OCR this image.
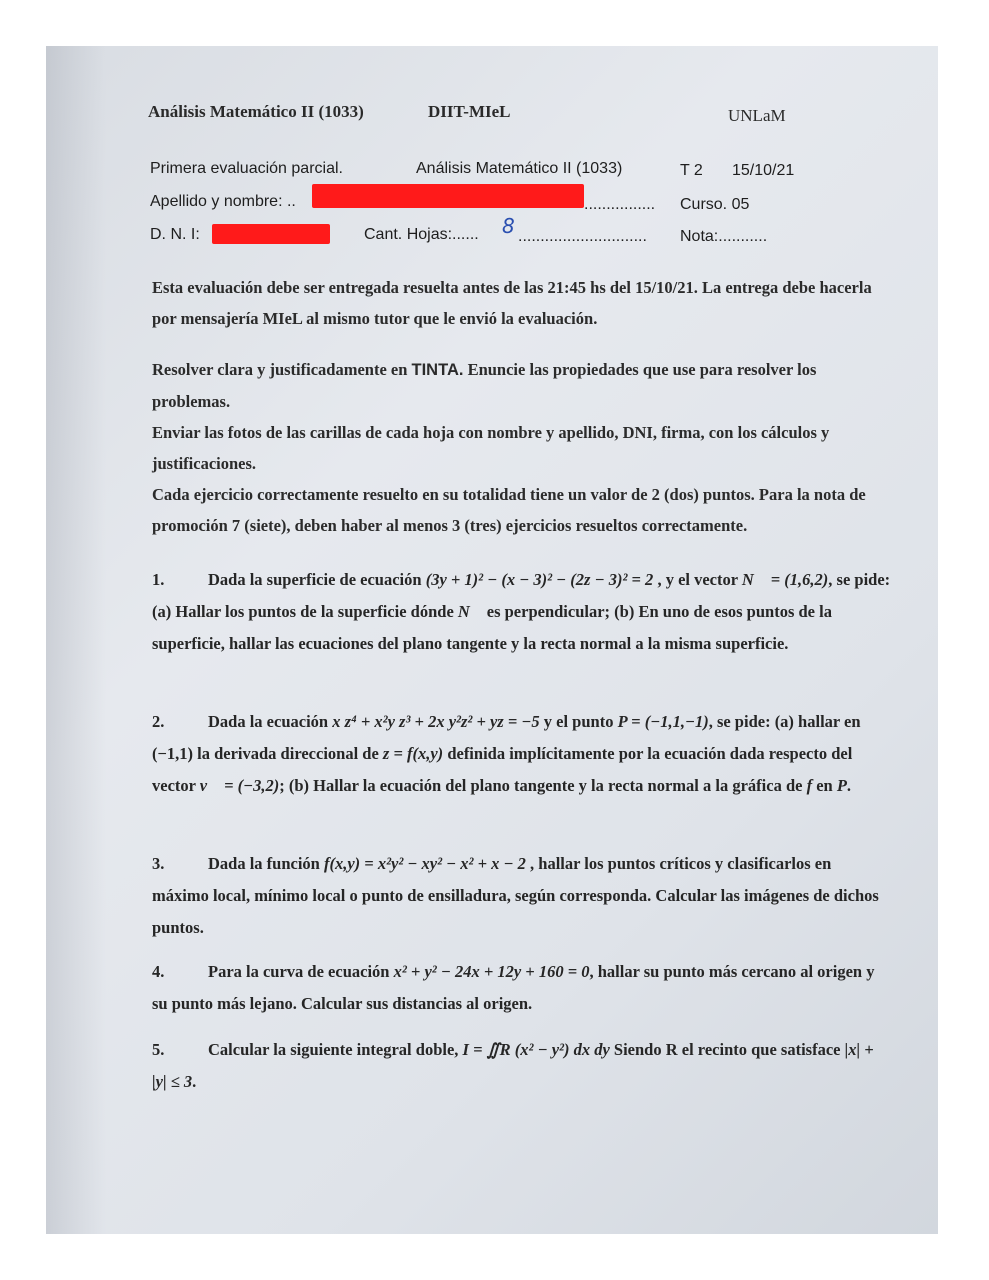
Análisis Matemático II (1033)	DIIT-MIeL	UNLaM
Primera evaluación parcial.	Análisis Matemático II (1033)	T 2 15/10/21
Apellido y nombre: ..	................ Curso. 05
D. N. I:	Cant. Hojas:...... 8 ............................. Nota:...........

Esta evaluación debe ser entregada resuelta antes de las 21:45 hs del 15/10/21. La entrega debe hacerla por mensajería MIeL al mismo tutor que le envió la evaluación.

Resolver clara y justificadamente en TINTA. Enuncie las propiedades que use para resolver los problemas.

Enviar las fotos de las carillas de cada hoja con nombre y apellido, DNI, firma, con los cálculos y justificaciones.

Cada ejercicio correctamente resuelto en su totalidad tiene un valor de 2 (dos) puntos. Para la nota de promoción 7 (siete), deben haber al menos 3 (tres) ejercicios resueltos correctamente.

1.	Dada la superficie de ecuación (3y + 1)² − (x − 3)² − (2z − 3)² = 2 , y el vector N⃗ = (1,6,2), se pide: (a) Hallar los puntos de la superficie dónde N⃗ es perpendicular; (b) En uno de esos puntos de la superficie, hallar las ecuaciones del plano tangente y la recta normal a la misma superficie.
2.	Dada la ecuación x z⁴ + x²y z³ + 2x y²z² + yz = −5 y el punto P = (−1,1,−1), se pide: (a) hallar en (−1,1) la derivada direccional de z = f(x,y) definida implícitamente por la ecuación dada respecto del vector v⃗ = (−3,2); (b) Hallar la ecuación del plano tangente y la recta normal a la gráfica de f en P.
3.	Dada la función f(x,y) = x²y² − xy² − x² + x − 2 , hallar los puntos críticos y clasificarlos en máximo local, mínimo local o punto de ensilladura, según corresponda. Calcular las imágenes de dichos puntos.
4.	Para la curva de ecuación x² + y² − 24x + 12y + 160 = 0, hallar su punto más cercano al origen y su punto más lejano. Calcular sus distancias al origen.
5.	Calcular la siguiente integral doble, I = ∬R (x² − y²) dx dy Siendo R el recinto que satisface |x| + |y| ≤ 3.
